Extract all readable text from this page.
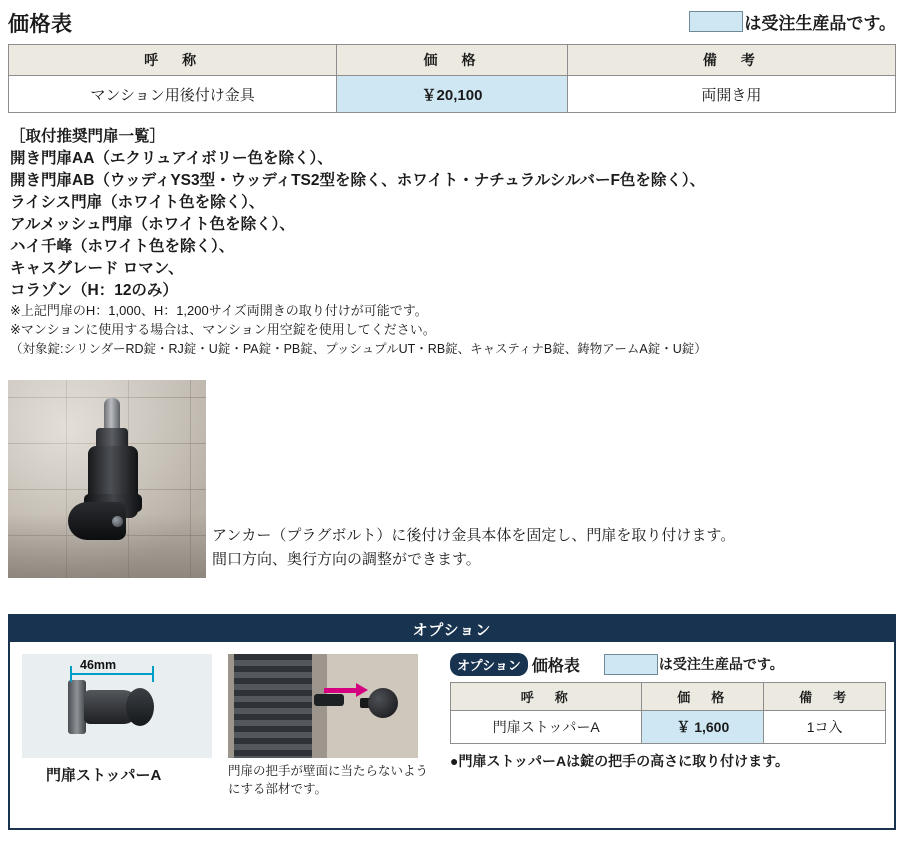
価格表	は受注生産品です。
呼　称	価　格	備　考
マンション用後付け金具	￥20,100	両開き用
［取付推奨門扉一覧］
開き門扉AA（エクリュアイボリー色を除く）、
開き門扉AB（ウッディYS3型・ウッディTS2型を除く、ホワイト・ナチュラルシルバーF色を除く）、
ライシス門扉（ホワイト色を除く）、
アルメッシュ門扉（ホワイト色を除く）、
ハイ千峰（ホワイト色を除く）、
キャスグレード ロマン、
コラゾン（H：12のみ）
※上記門扉のH：1,000、H：1,200サイズ両開きの取り付けが可能です。
※マンションに使用する場合は、マンション用空錠を使用してください。
（対象錠:シリンダーRD錠・RJ錠・U錠・PA錠・PB錠、プッシュプルUT・RB錠、キャスティナB錠、鋳物アームA錠・U錠）
アンカー（プラグボルト）に後付け金具本体を固定し、門扉を取り付けます。
間口方向、奥行方向の調整ができます。
オプション
46mm
門扉ストッパーA	門扉の把手が壁面に当たらないようにする部材です。
オプション 価格表	は受注生産品です。
呼　称	価　格	備　考
門扉ストッパーA	￥ 1,600	1コ入
●門扉ストッパーAは錠の把手の高さに取り付けます。
